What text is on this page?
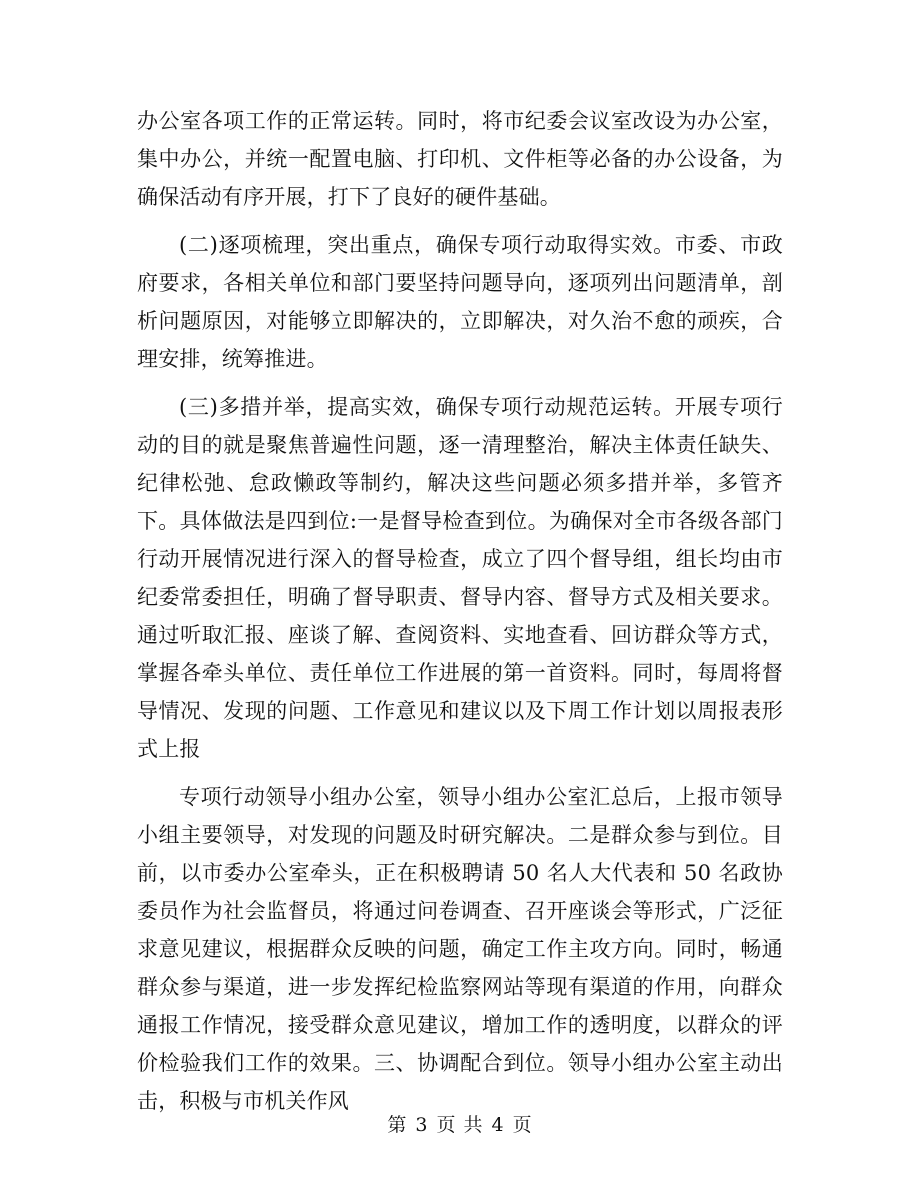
办公室各项工作的正常运转。同时，将市纪委会议室改设为办公室，集中办公，并统一配置电脑、打印机、文件柜等必备的办公设备，为确保活动有序开展，打下了良好的硬件基础。

(二)逐项梳理，突出重点，确保专项行动取得实效。市委、市政府要求，各相关单位和部门要坚持问题导向，逐项列出问题清单，剖析问题原因，对能够立即解决的，立即解决，对久治不愈的顽疾，合理安排，统筹推进。

(三)多措并举，提高实效，确保专项行动规范运转。开展专项行动的目的就是聚焦普遍性问题，逐一清理整治，解决主体责任缺失、纪律松弛、怠政懒政等制约，解决这些问题必须多措并举，多管齐下。具体做法是四到位:一是督导检查到位。为确保对全市各级各部门行动开展情况进行深入的督导检查，成立了四个督导组，组长均由市纪委常委担任，明确了督导职责、督导内容、督导方式及相关要求。通过听取汇报、座谈了解、查阅资料、实地查看、回访群众等方式，掌握各牵头单位、责任单位工作进展的第一首资料。同时，每周将督导情况、发现的问题、工作意见和建议以及下周工作计划以周报表形式上报

专项行动领导小组办公室，领导小组办公室汇总后，上报市领导小组主要领导，对发现的问题及时研究解决。二是群众参与到位。目前，以市委办公室牵头，正在积极聘请 50 名人大代表和 50 名政协委员作为社会监督员，将通过问卷调查、召开座谈会等形式，广泛征求意见建议，根据群众反映的问题，确定工作主攻方向。同时，畅通群众参与渠道，进一步发挥纪检监察网站等现有渠道的作用，向群众通报工作情况，接受群众意见建议，增加工作的透明度，以群众的评价检验我们工作的效果。三、协调配合到位。领导小组办公室主动出击，积极与市机关作风

第 3 页 共 4 页
